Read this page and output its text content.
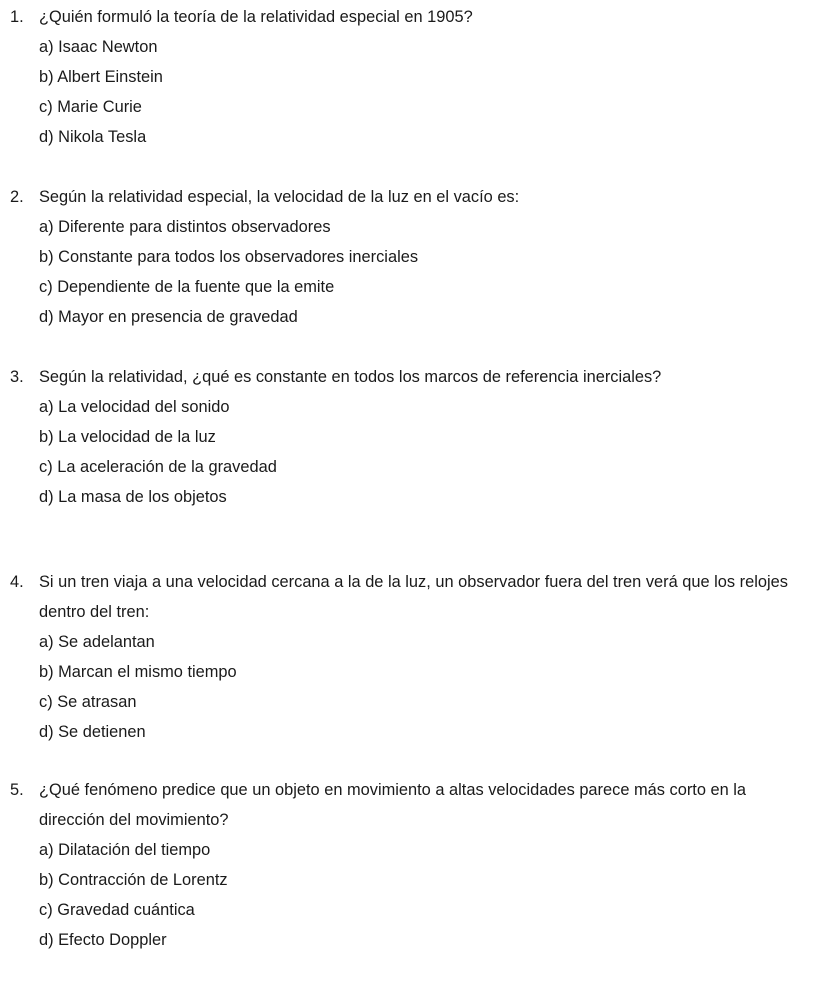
1. ¿Quién formuló la teoría de la relatividad especial en 1905?
a) Isaac Newton
b) Albert Einstein
c) Marie Curie
d) Nikola Tesla
2. Según la relatividad especial, la velocidad de la luz en el vacío es:
a) Diferente para distintos observadores
b) Constante para todos los observadores inerciales
c) Dependiente de la fuente que la emite
d) Mayor en presencia de gravedad
3. Según la relatividad, ¿qué es constante en todos los marcos de referencia inerciales?
a) La velocidad del sonido
b) La velocidad de la luz
c) La aceleración de la gravedad
d) La masa de los objetos
4. Si un tren viaja a una velocidad cercana a la de la luz, un observador fuera del tren verá que los relojes dentro del tren:
a) Se adelantan
b) Marcan el mismo tiempo
c) Se atrasan
d) Se detienen
5. ¿Qué fenómeno predice que un objeto en movimiento a altas velocidades parece más corto en la dirección del movimiento?
a) Dilatación del tiempo
b) Contracción de Lorentz
c) Gravedad cuántica
d) Efecto Doppler
